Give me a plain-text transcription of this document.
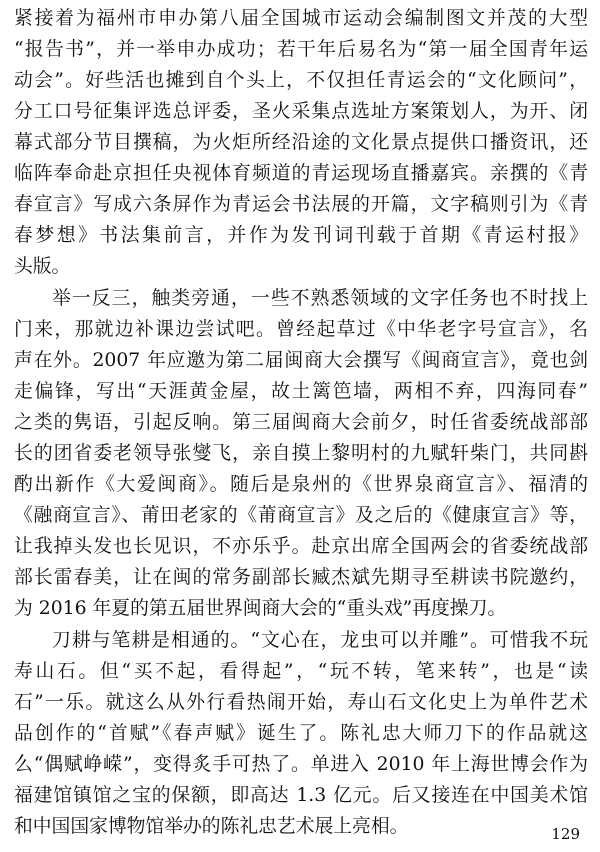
紧接着为福州市申办第八届全国城市运动会编制图文并茂的大型
“报告书”，并一举申办成功；若干年后易名为“第一届全国青年运
动会”。好些活也摊到自个头上，不仅担任青运会的“文化顾问”，
分工口号征集评选总评委，圣火采集点选址方案策划人，为开、闭
幕式部分节目撰稿，为火炬所经沿途的文化景点提供口播资讯，还
临阵奉命赴京担任央视体育频道的青运现场直播嘉宾。亲撰的《青
春宣言》写成六条屏作为青运会书法展的开篇，文字稿则引为《青
春梦想》书法集前言，并作为发刊词刊载于首期《青运村报》
头版。
举一反三，触类旁通，一些不熟悉领域的文字任务也不时找上
门来，那就边补课边尝试吧。曾经起草过《中华老字号宣言》，名
声在外。2007 年应邀为第二届闽商大会撰写《闽商宣言》，竟也剑
走偏锋，写出“天涯黄金屋，故土篱笆墙，两相不弃，四海同春”
之类的隽语，引起反响。第三届闽商大会前夕，时任省委统战部部
长的团省委老领导张燮飞，亲自摸上黎明村的九赋轩柴门，共同斟
酌出新作《大爱闽商》。随后是泉州的《世界泉商宣言》、福清的
《融商宣言》、莆田老家的《莆商宣言》及之后的《健康宣言》等，
让我掉头发也长见识，不亦乐乎。赴京出席全国两会的省委统战部
部长雷春美，让在闽的常务副部长臧杰斌先期寻至耕读书院邀约，
为 2016 年夏的第五届世界闽商大会的“重头戏”再度操刀。
刀耕与笔耕是相通的。“文心在，龙虫可以并雕”。可惜我不玩
寿山石。但“买不起，看得起”，“玩不转，笔来转”，也是“读
石”一乐。就这么从外行看热闹开始，寿山石文化史上为单件艺术
品创作的“首赋”《春声赋》诞生了。陈礼忠大师刀下的作品就这
么“偶赋峥嵘”，变得炙手可热了。单进入 2010 年上海世博会作为
福建馆镇馆之宝的保额，即高达 1.3 亿元。后又接连在中国美术馆
和中国国家博物馆举办的陈礼忠艺术展上亮相。	129
